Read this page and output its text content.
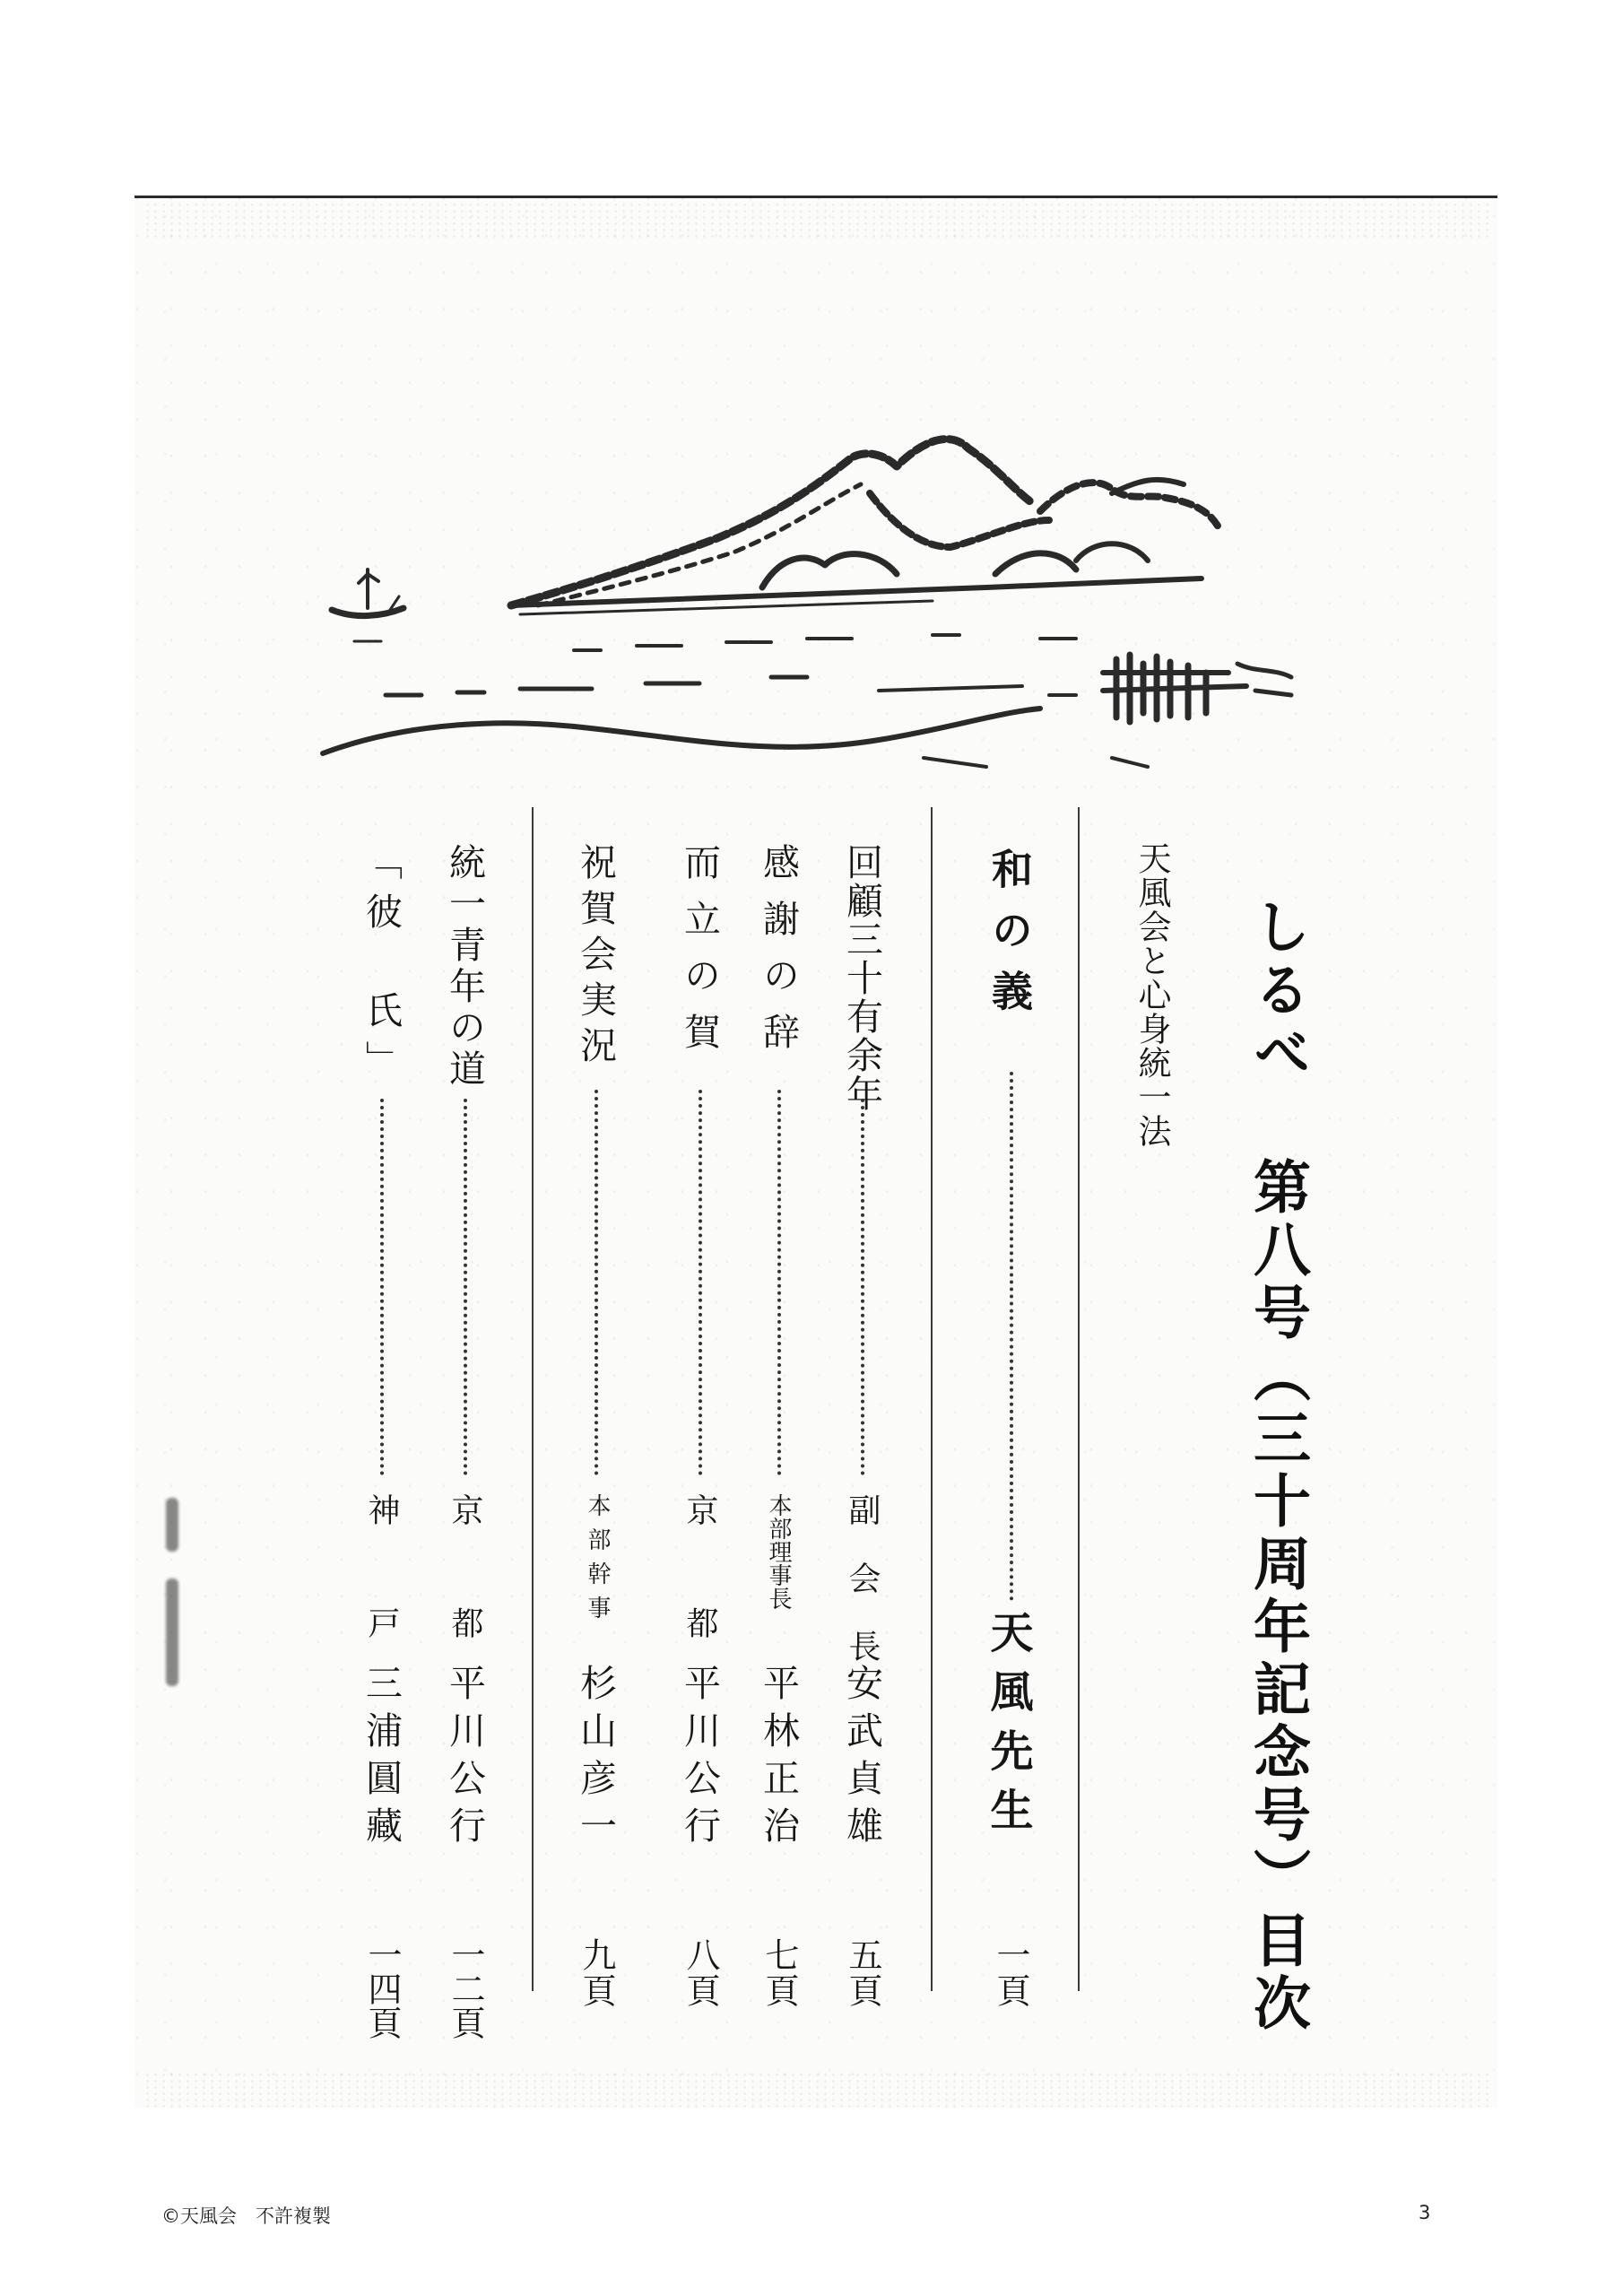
しるべ 第八号（三十周年記念号）目次
天風会と心身統一法
和の義
天風先生
一頁
回顧三十有余年
副会長
安武貞雄
五頁
感謝の辞
本部理事長
平林正治
七頁
而立の賀
京都
平川公行
八頁
祝賀会実況
本部幹事
杉山彦一
九頁
統一青年の道
京都
平川公行
一二頁
「彼　氏」
神戸
三浦圓藏
一四頁
©天風会　不許複製	3
